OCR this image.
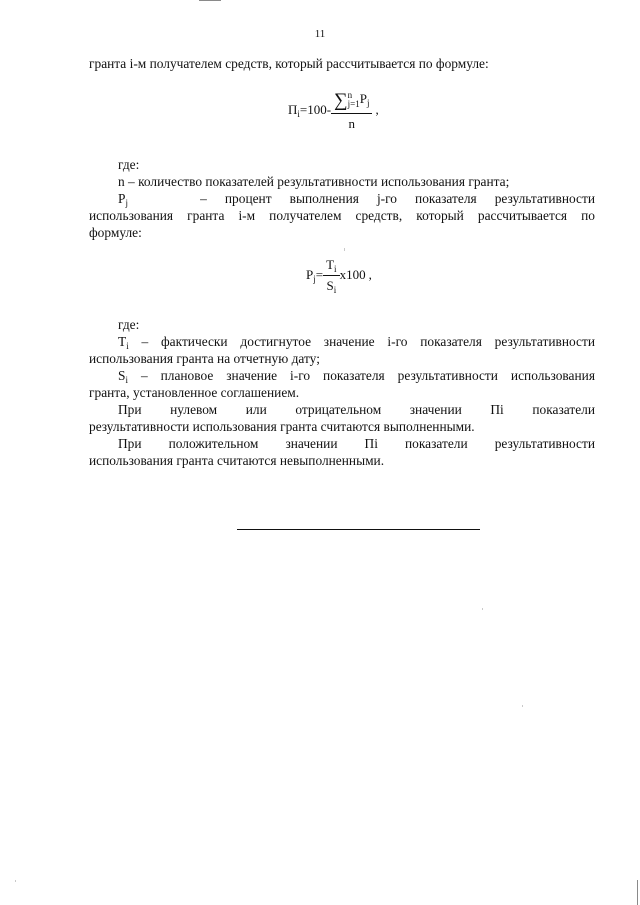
11
гранта i-м получателем средств, который рассчитывается по формуле:
$П_i=100-$ ∑ n
j=1 $P_j$
n ,
где:
n – количество показателей результативности использования гранта;
$P_j$	– процент выполнения j-го показателя результативности
использования гранта i-м получателем средств, который рассчитывается по
формуле:
$P_j= \frac{T_i}{S_i} x100$ ,
где:
$T_i$ – фактически достигнутое значение i-го показателя результативности
использования гранта на отчетную дату;
$S_i$ – плановое значение i-го показателя результативности использования
гранта, установленное соглашением.
При нулевом или отрицательном значении Пi показатели
результативности использования гранта считаются выполненными.
При положительном значении Пi показатели результативности
использования гранта считаются невыполненными.
